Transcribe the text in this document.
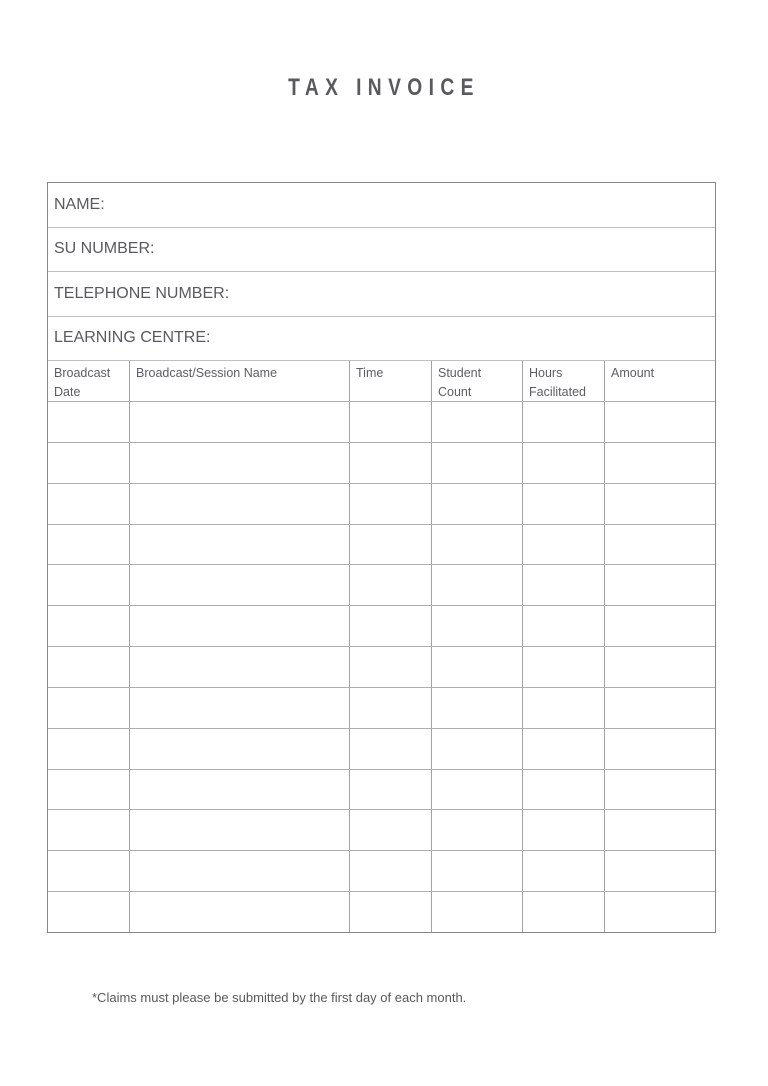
TAX INVOICE
NAME:
SU NUMBER:
TELEPHONE NUMBER:
LEARNING CENTRE:
Broadcast Date
Broadcast/Session Name	Time	Student Count
Hours Facilitated
Amount

*Claims must please be submitted by the first day of each month.
